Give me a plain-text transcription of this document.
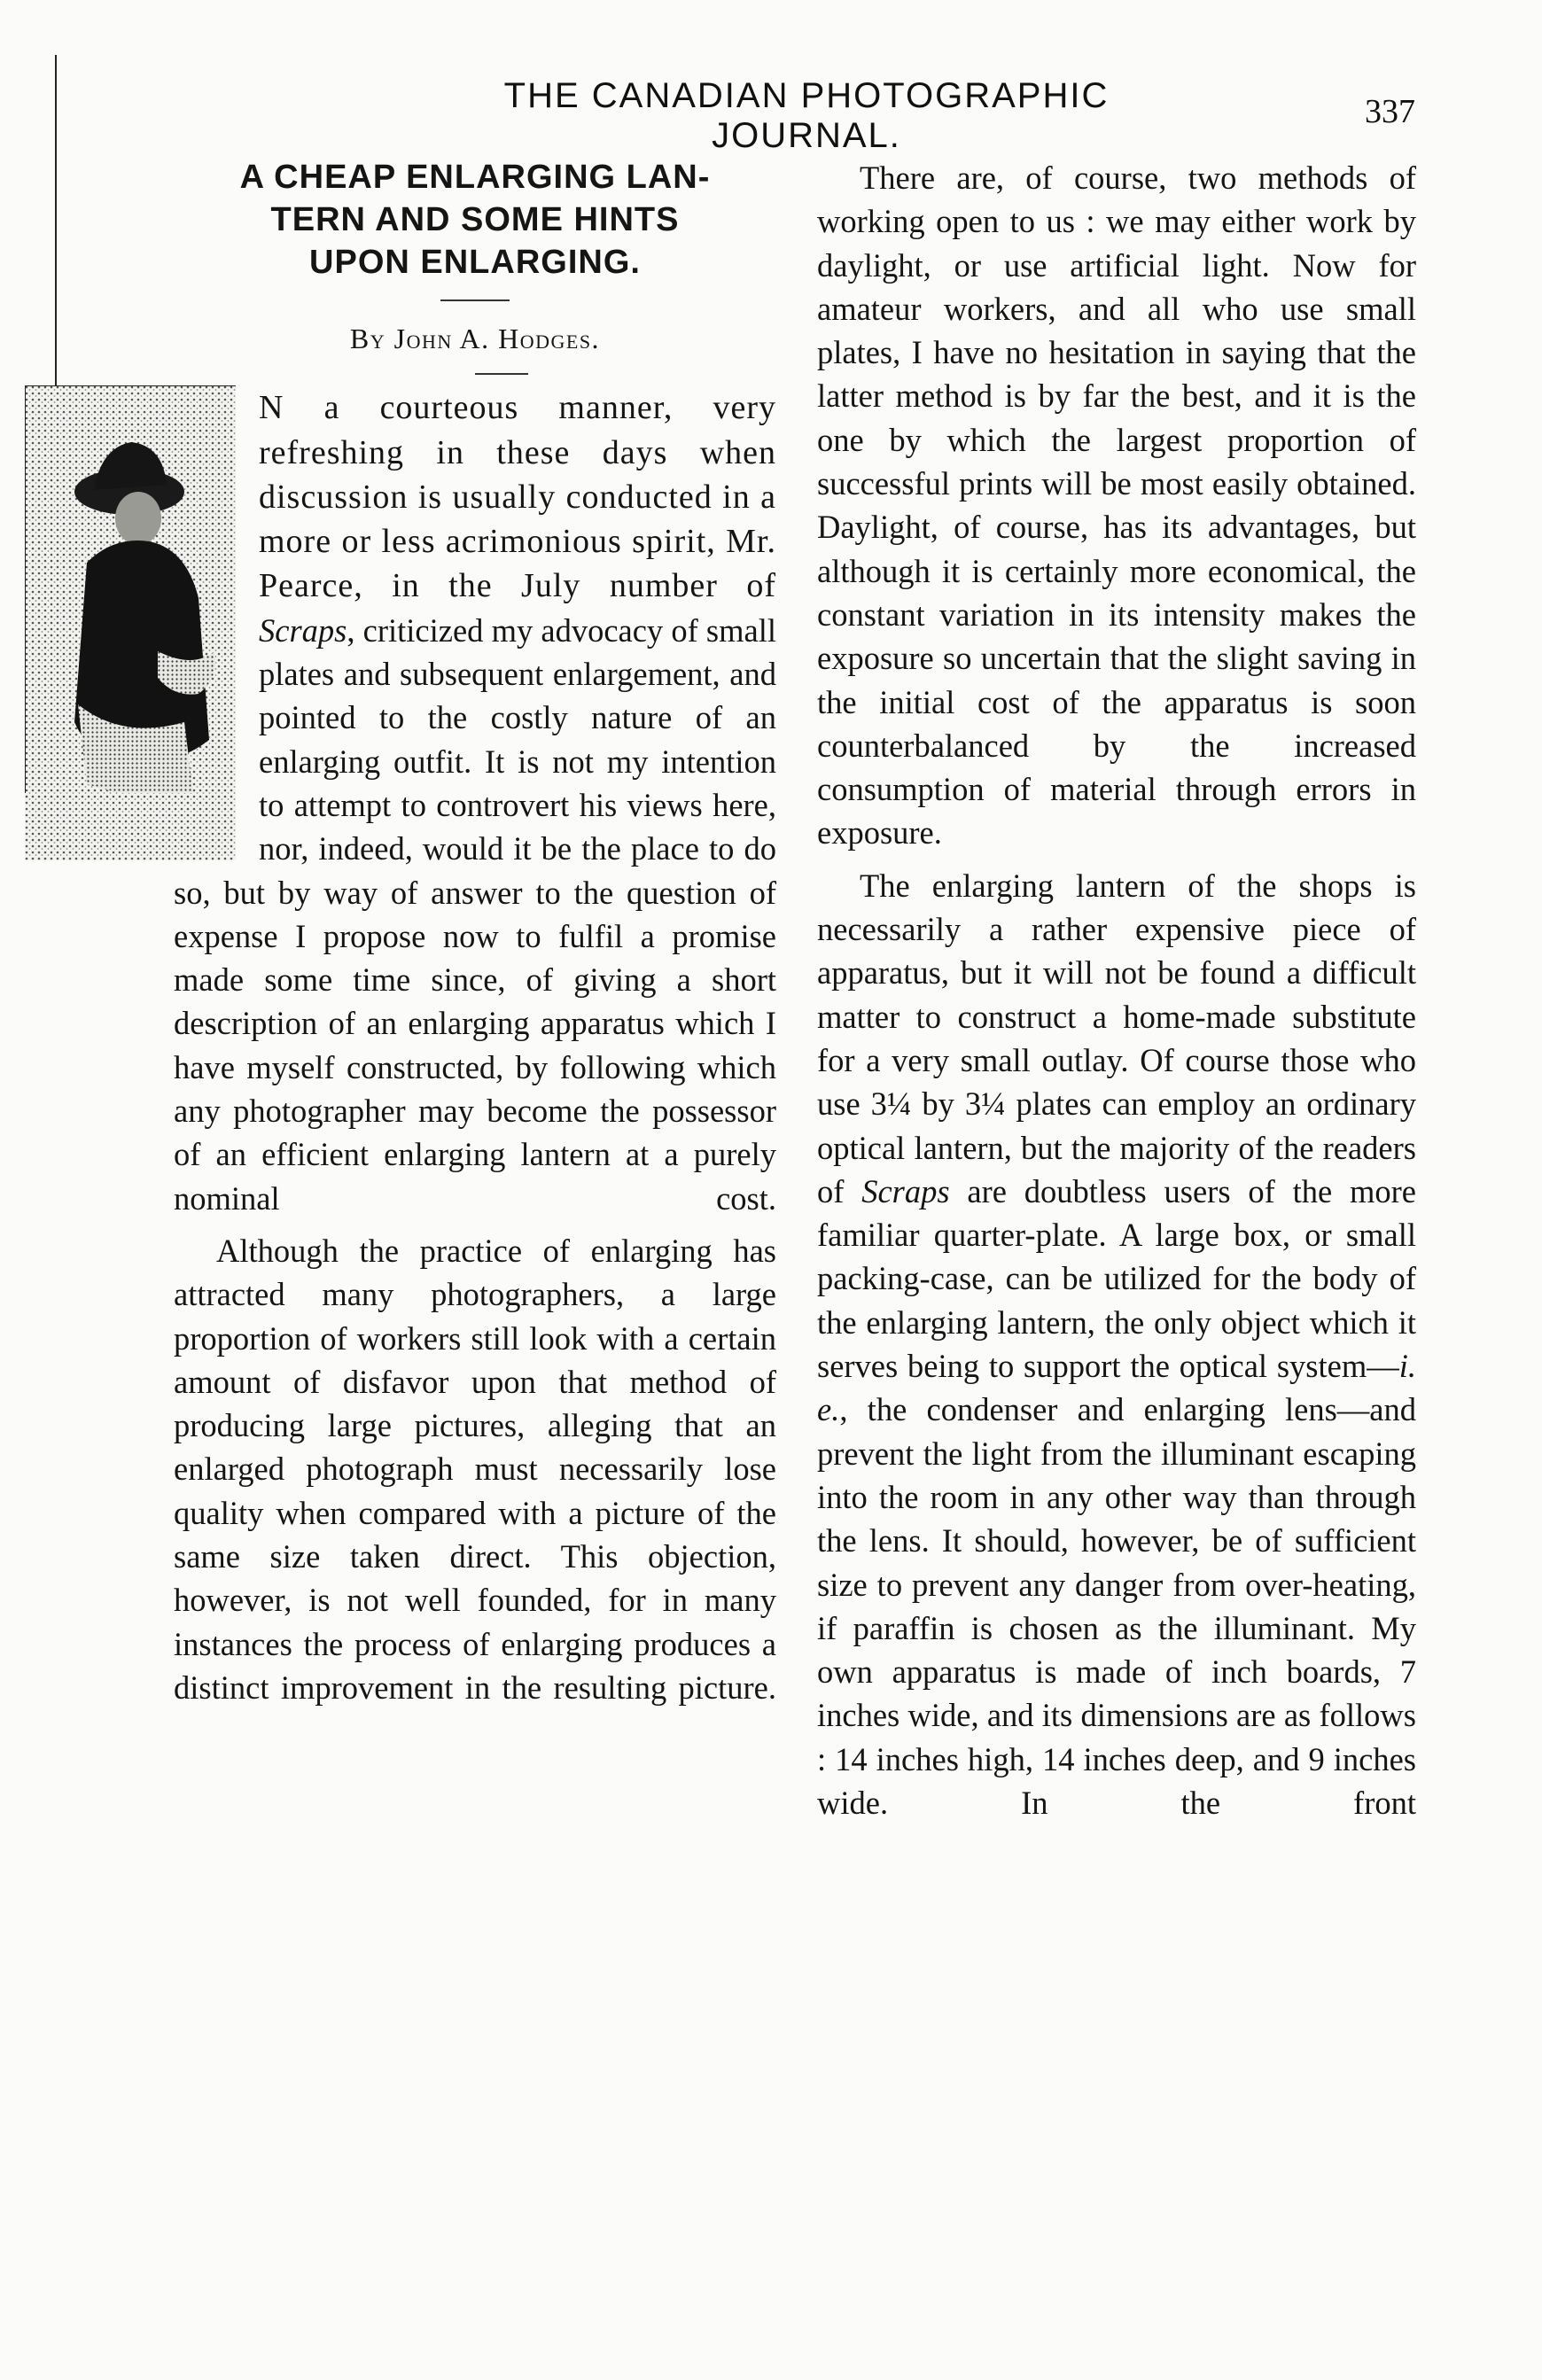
THE CANADIAN PHOTOGRAPHIC JOURNAL.
337
A CHEAP ENLARGING LAN-
TERN AND SOME HINTS
UPON ENLARGING.
By John A. Hodges.

N a courteous manner, very refreshing in these days when discussion is usually conducted in a more or less acrimonious spirit, Mr. Pearce, in the July number of Scraps, criticized my advocacy of small plates and subsequent enlargement, and pointed to the costly nature of an enlarging outfit. It is not my intention to attempt to controvert his views here, nor, indeed, would it be the place to do so, but by way of answer to the question of expense I propose now to fulfil a promise made some time since, of giving a short description of an enlarging apparatus which I have myself constructed, by following which any photographer may become the possessor of an efficient enlarging lantern at a purely nominal cost.

Although the practice of enlarging has attracted many photographers, a large proportion of workers still look with a certain amount of disfavor upon that method of producing large pictures, alleging that an enlarged photograph must necessarily lose quality when compared with a picture of the same size taken direct. This objection, however, is not well founded, for in many instances the process of enlarging produces a distinct improvement in the resulting picture.

There are, of course, two methods of working open to us : we may either work by daylight, or use artificial light. Now for amateur workers, and all who use small plates, I have no hesitation in saying that the latter method is by far the best, and it is the one by which the largest proportion of successful prints will be most easily obtained. Daylight, of course, has its advantages, but although it is certainly more economical, the constant variation in its intensity makes the exposure so uncertain that the slight saving in the initial cost of the apparatus is soon counterbalanced by the increased consumption of material through errors in exposure.

The enlarging lantern of the shops is necessarily a rather expensive piece of apparatus, but it will not be found a difficult matter to construct a home-made substitute for a very small outlay. Of course those who use 3¼ by 3¼ plates can employ an ordinary optical lantern, but the majority of the readers of Scraps are doubtless users of the more familiar quarter-plate. A large box, or small packing-case, can be utilized for the body of the enlarging lantern, the only object which it serves being to support the optical system—i. e., the condenser and enlarging lens—and prevent the light from the illuminant escaping into the room in any other way than through the lens. It should, however, be of sufficient size to prevent any danger from over-heating, if paraffin is chosen as the illuminant. My own apparatus is made of inch boards, 7 inches wide, and its dimensions are as follows : 14 inches high, 14 inches deep, and 9 inches wide. In the front
